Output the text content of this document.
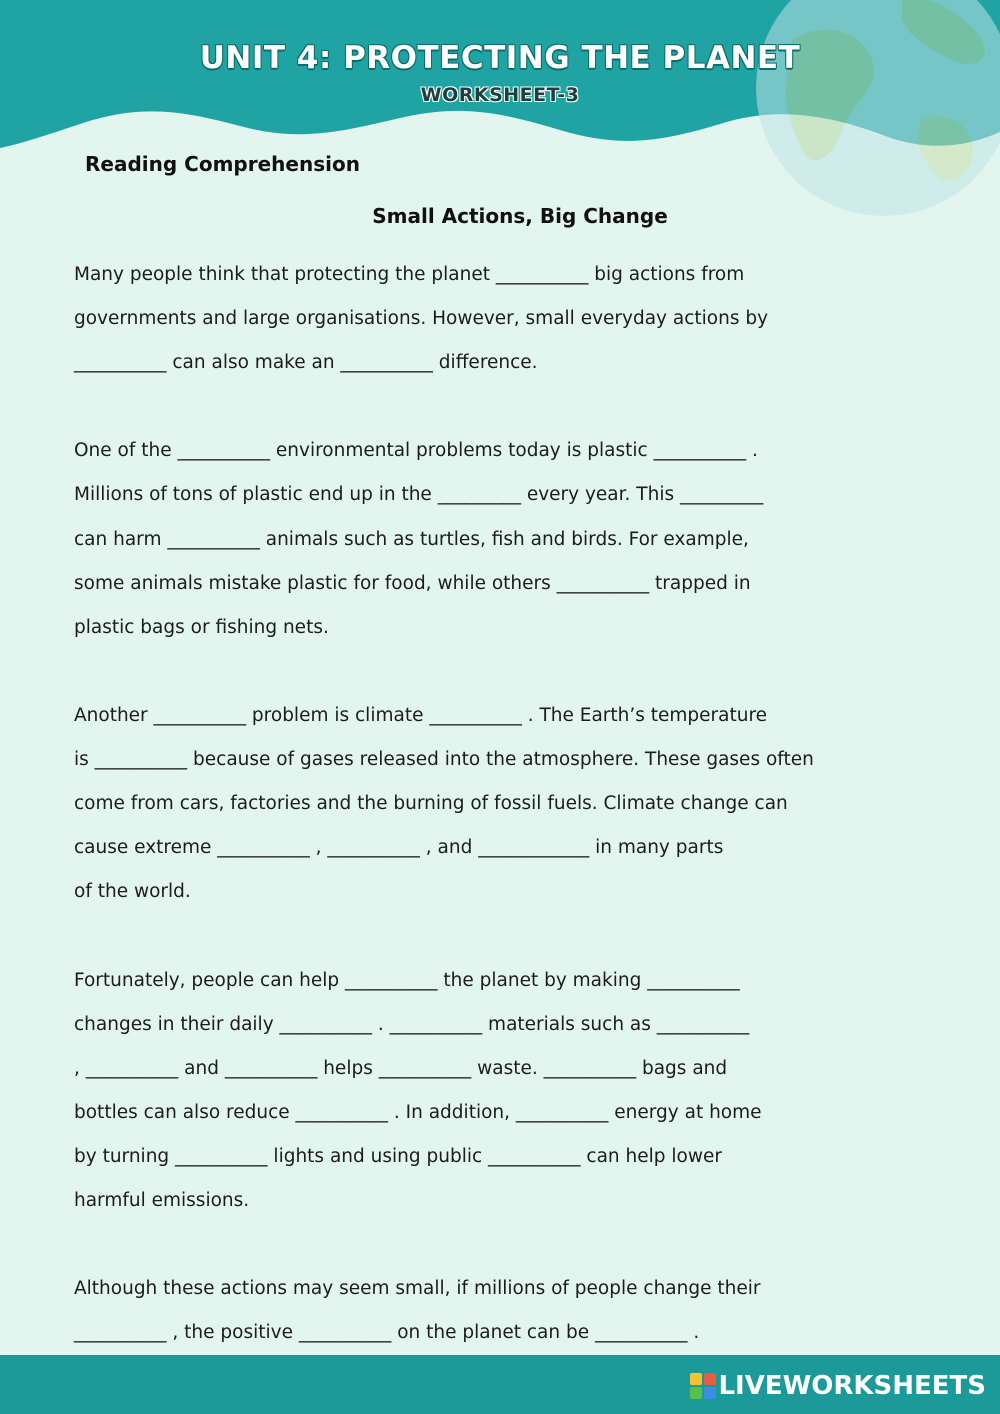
UNIT 4: PROTECTING THE PLANET
WORKSHEET-3
Reading Comprehension
Small Actions, Big Change
Many people think that protecting the planet __________ big actions from
governments and large organisations. However, small everyday actions by
__________ can also make an __________ difference.
One of the __________ environmental problems today is plastic __________ .
Millions of tons of plastic end up in the _________ every year. This _________
can harm __________ animals such as turtles, fish and birds. For example,
some animals mistake plastic for food, while others __________ trapped in
plastic bags or fishing nets.
Another __________ problem is climate __________ . The Earth’s temperature
is __________ because of gases released into the atmosphere. These gases often
come from cars, factories and the burning of fossil fuels. Climate change can
cause extreme __________ , __________ , and ____________ in many parts
of the world.
Fortunately, people can help __________ the planet by making __________
changes in their daily __________ . __________ materials such as __________
, __________ and __________ helps __________ waste. __________ bags and
bottles can also reduce __________ . In addition, __________ energy at home
by turning __________ lights and using public __________ can help lower
harmful emissions.
Although these actions may seem small, if millions of people change their
__________ , the positive __________ on the planet can be __________ .
LIVEWORKSHEETS
